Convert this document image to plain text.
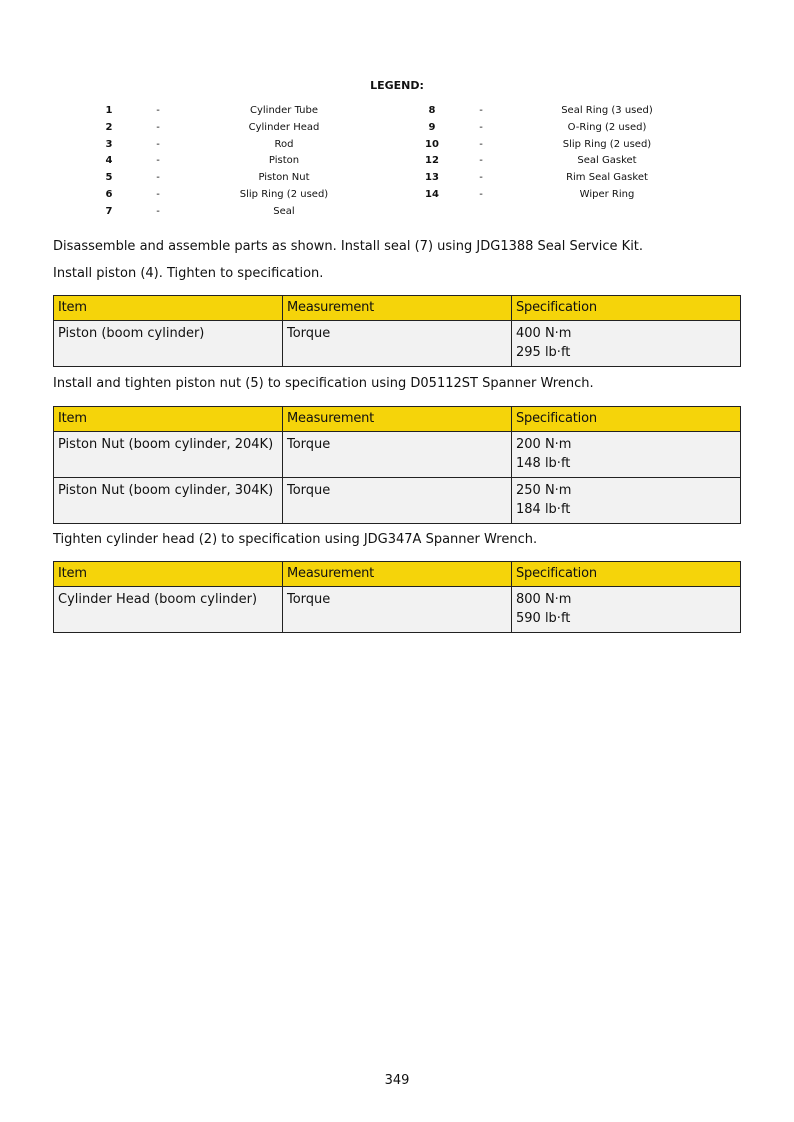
LEGEND:
1	-	Cylinder Tube
2	-	Cylinder Head
3	-	Rod
4	-	Piston
5	-	Piston Nut
6	-	Slip Ring (2 used)
7	-	Seal
8	-	Seal Ring (3 used)
9	-	O-Ring (2 used)
10	-	Slip Ring (2 used)
12	-	Seal Gasket
13	-	Rim Seal Gasket
14	-	Wiper Ring
Disassemble and assemble parts as shown. Install seal (7) using JDG1388 Seal Service Kit.
Install piston (4). Tighten to specification.
Item	Measurement	Specification
Piston (boom cylinder)	Torque	400 N·m
295 lb·ft
Install and tighten piston nut (5) to specification using D05112ST Spanner Wrench.
Item	Measurement	Specification
Piston Nut (boom cylinder, 204K)	Torque	200 N·m
148 lb·ft

Piston Nut (boom cylinder, 304K)	Torque	250 N·m
184 lb·ft
Tighten cylinder head (2) to specification using JDG347A Spanner Wrench.
Item	Measurement	Specification
Cylinder Head (boom cylinder)	Torque	800 N·m
590 lb·ft
349
